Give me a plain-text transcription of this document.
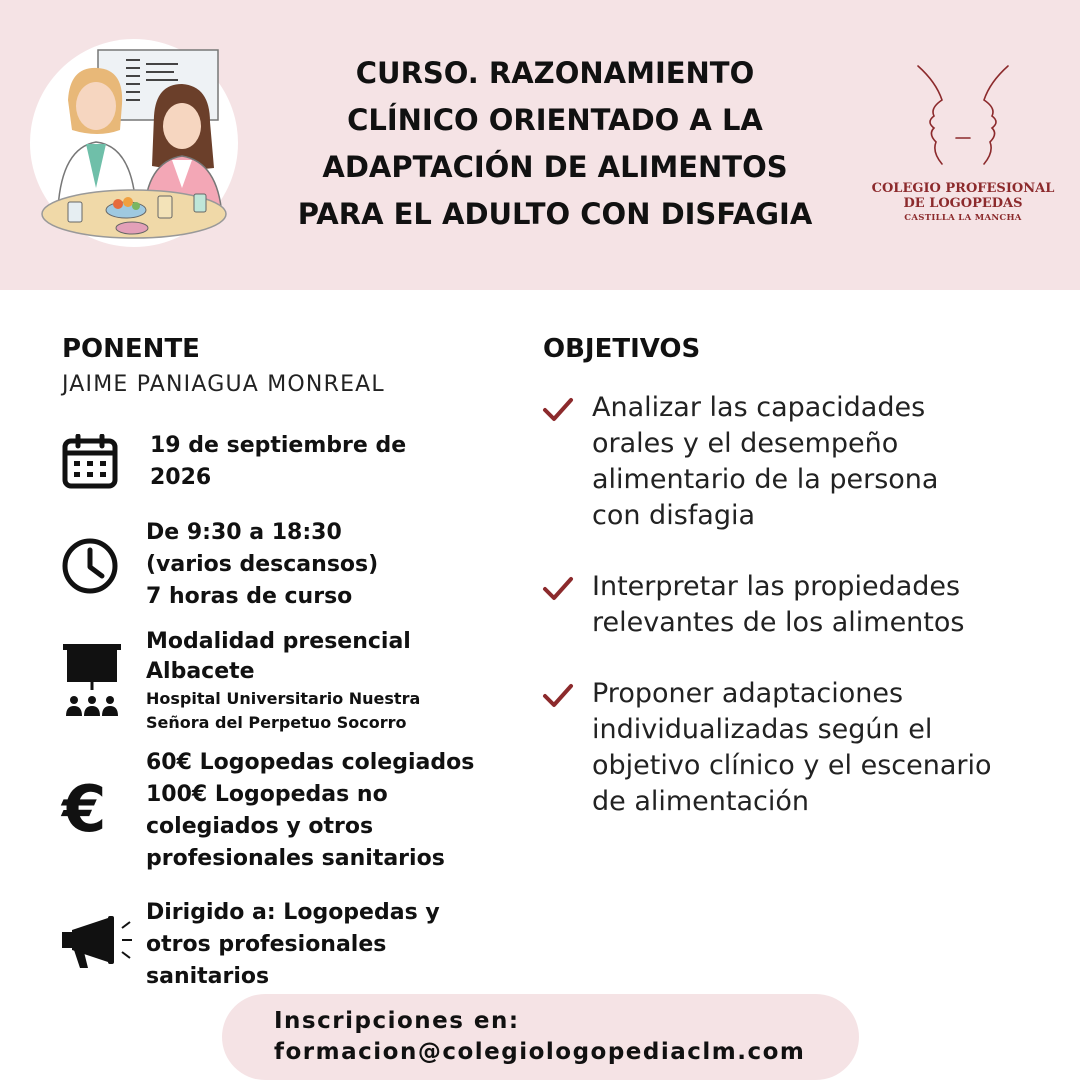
CURSO. RAZONAMIENTO
CLÍNICO ORIENTADO A LA
ADAPTACIÓN DE ALIMENTOS
PARA EL ADULTO CON DISFAGIA
COLEGIO PROFESIONAL
DE LOGOPEDAS
CASTILLA LA MANCHA
PONENTE
JAIME PANIAGUA MONREAL
19 de septiembre de
2026
De 9:30 a 18:30
(varios descansos)
7 horas de curso
Modalidad presencial
Albacete
Hospital Universitario Nuestra
Señora del Perpetuo Socorro
€
60€ Logopedas colegiados
100€ Logopedas no
colegiados y otros
profesionales sanitarios
Dirigido a: Logopedas y
otros profesionales
sanitarios
OBJETIVOS
Analizar las capacidades
orales y el desempeño
alimentario de la persona
con disfagia
Interpretar las propiedades
relevantes de los alimentos
Proponer adaptaciones
individualizadas según el
objetivo clínico y el escenario
de alimentación
Inscripciones en:
formacion@colegiologopediaclm.com
